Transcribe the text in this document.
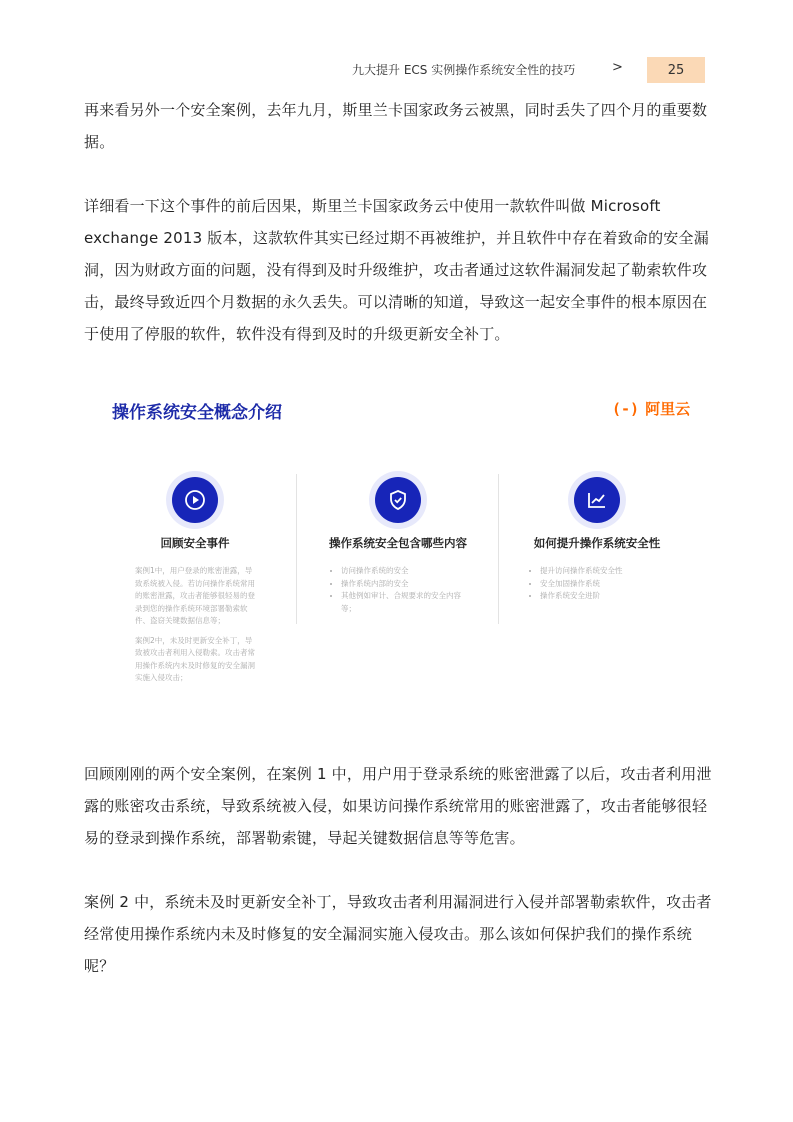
九大提升 ECS 实例操作系统安全性的技巧	>	25

再来看另外一个安全案例，去年九月，斯里兰卡国家政务云被黑，同时丢失了四个月的重要数据。

详细看一下这个事件的前后因果，斯里兰卡国家政务云中使用一款软件叫做 Microsoft exchange 2013 版本，这款软件其实已经过期不再被维护，并且软件中存在着致命的安全漏洞，因为财政方面的问题，没有得到及时升级维护，攻击者通过这软件漏洞发起了勒索软件攻击，最终导致近四个月数据的永久丢失。可以清晰的知道，导致这一起安全事件的根本原因在于使用了停服的软件，软件没有得到及时的升级更新安全补丁。

操作系统安全概念介绍	(-) 阿里云
回顾安全事件

案例1中，用户登录的账密泄露，导致系统被入侵。若访问操作系统常用的账密泄露，攻击者能够很轻易的登录到您的操作系统环境部署勒索软件、盗窃关键数据信息等；

案例2中，未及时更新安全补丁，导致被攻击者利用入侵勒索。攻击者常用操作系统内未及时修复的安全漏洞实施入侵攻击；

操作系统安全包含哪些内容
• 访问操作系统的安全
• 操作系统内部的安全
• 其他例如审计、合规要求的安全内容等；
如何提升操作系统安全性
• 提升访问操作系统安全性
• 安全加固操作系统
• 操作系统安全进阶

回顾刚刚的两个安全案例，在案例 1 中，用户用于登录系统的账密泄露了以后，攻击者利用泄露的账密攻击系统，导致系统被入侵，如果访问操作系统常用的账密泄露了，攻击者能够很轻易的登录到操作系统，部署勒索键，导起关键数据信息等等危害。

案例 2 中，系统未及时更新安全补丁，导致攻击者利用漏洞进行入侵并部署勒索软件，攻击者经常使用操作系统内未及时修复的安全漏洞实施入侵攻击。那么该如何保护我们的操作系统呢？
